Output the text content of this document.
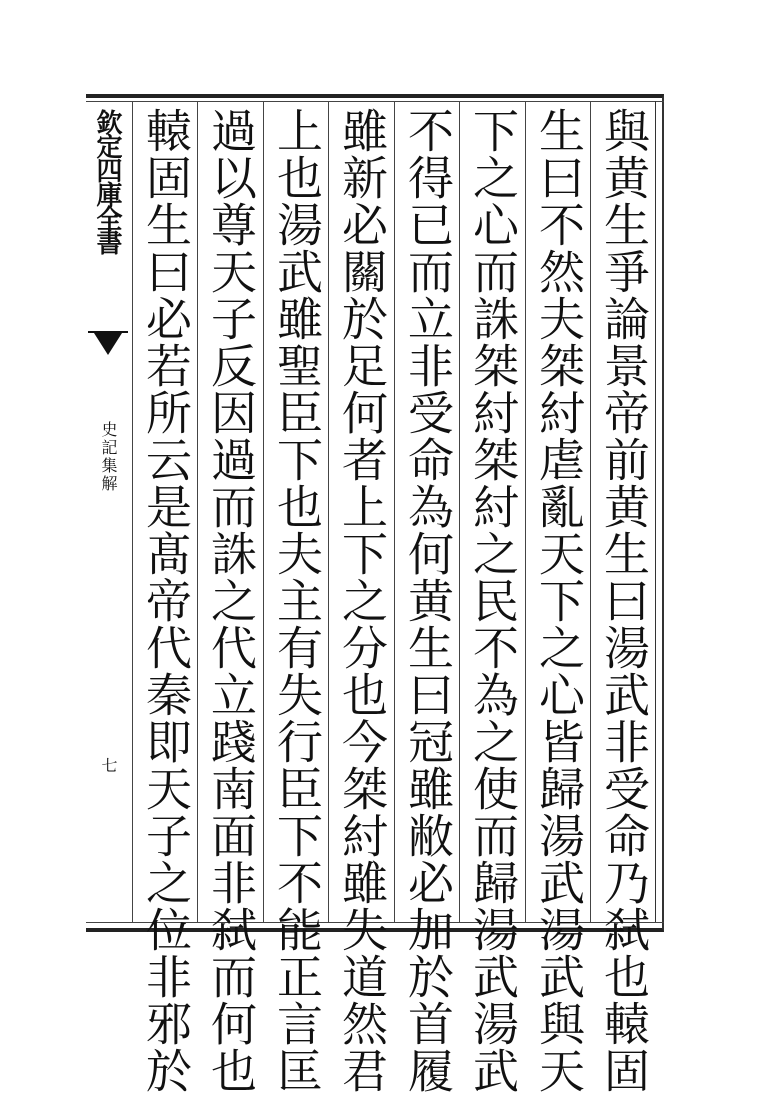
欽定四庫全書
史記集解
七	與黄生爭論景帝前黄生曰湯武非受命乃弑也轅固
生曰不然夫桀紂虐亂天下之心皆歸湯武湯武與天
下之心而誅桀紂桀紂之民不為之使而歸湯武湯武
不得已而立非受命為何黄生曰冠雖敝必加於首履
雖新必關於足何者上下之分也今桀紂雖失道然君
上也湯武雖聖臣下也夫主有失行臣下不能正言匡
過以尊天子反因過而誅之代立踐南面非弑而何也
轅固生曰必若所云是髙帝代秦即天子之位非邪於
